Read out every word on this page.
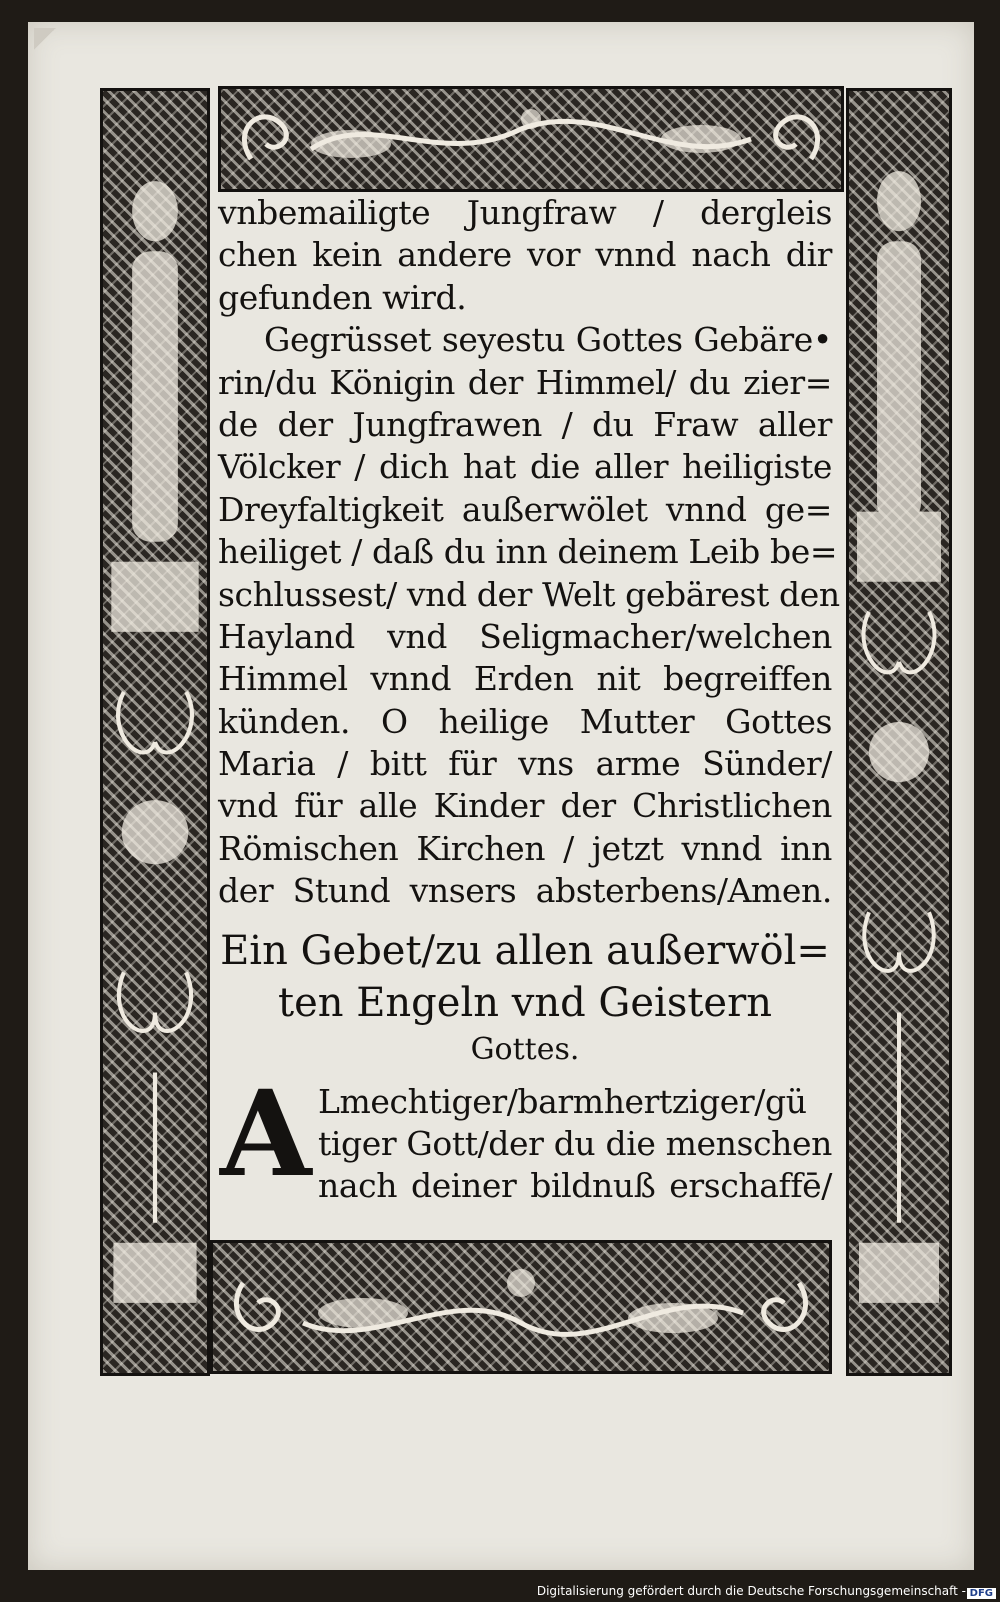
vnbemailigte Jungfraw / dergleis
chen kein andere vor vnnd nach dir
gefunden wird.
Gegrüsset seyestu Gottes Gebäre•
rin/du Königin der Himmel/ du zier=
de der Jungfrawen / du Fraw aller
Völcker / dich hat die aller heiligiste
Dreyfaltigkeit außerwölet vnnd ge=
heiliget / daß du inn deinem Leib be=
schlussest/ vnd der Welt gebärest den
Hayland vnd Seligmacher/welchen
Himmel vnnd Erden nit begreiffen
künden. O heilige Mutter Gottes
Maria / bitt für vns arme Sünder/
vnd für alle Kinder der Christlichen
Römischen Kirchen / jetzt vnnd inn
der Stund vnsers absterbens/Amen.
Ein Gebet/zu allen außerwöl=
ten Engeln vnd Geistern
Gottes.
A Lmechtiger/barmhertziger/gü
tiger Gott/der du die menschen
nach deiner bildnuß erschaffē/
Digitalisierung gefördert durch die Deutsche Forschungsgemeinschaft - DFG
